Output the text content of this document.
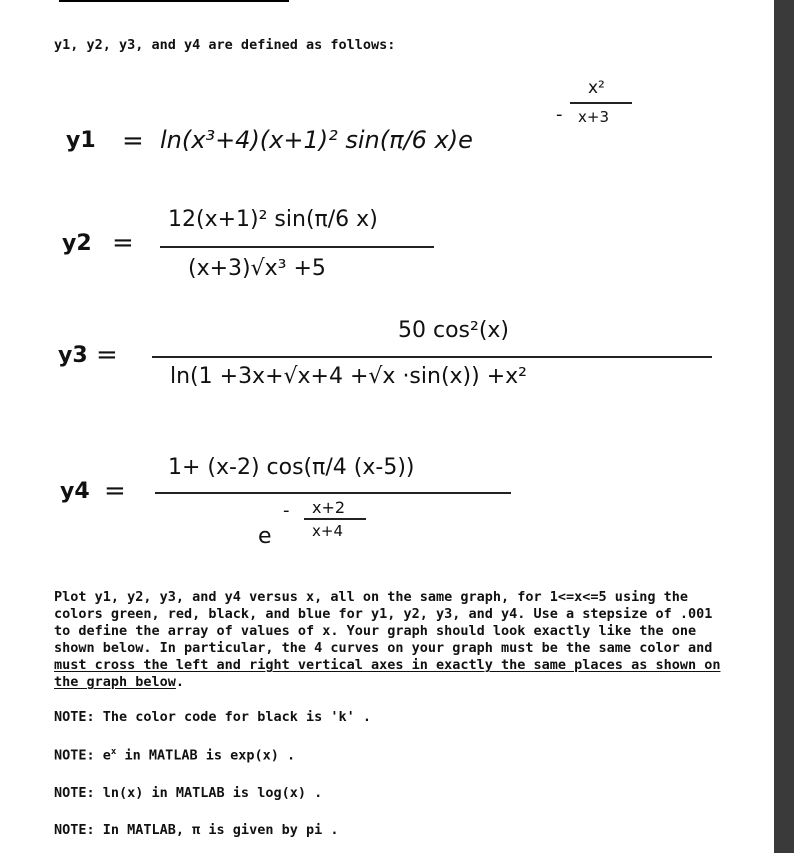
y1, y2, y3, and y4 are defined as follows:
y1 = ln(x³+4)(x+1)² sin(π/6 x)e
-
x²
x+3
y2 =
12(x+1)² sin(π/6 x)
(x+3)√x³ +5
y3 =
50 cos²(x)
ln(1 +3x+√x+4 +√x ·sin(x)) +x²
y4 =
1+ (x-2) cos(π/4 (x-5))
e
- x+2
x+4
Plot y1, y2, y3, and y4 versus x, all on the same graph, for 1<=x<=5 using the colors green, red, black, and blue for y1, y2, y3, and y4. Use a stepsize of .001 to define the array of values of x. Your graph should look exactly like the one shown below. In particular, the 4 curves on your graph must be the same color and must cross the left and right vertical axes in exactly the same places as shown on the graph below.
NOTE: The color code for black is 'k' .
NOTE: $e^x$ in MATLAB is exp(x) .
NOTE: ln(x) in MATLAB is log(x) .
NOTE: In MATLAB, π is given by pi .
